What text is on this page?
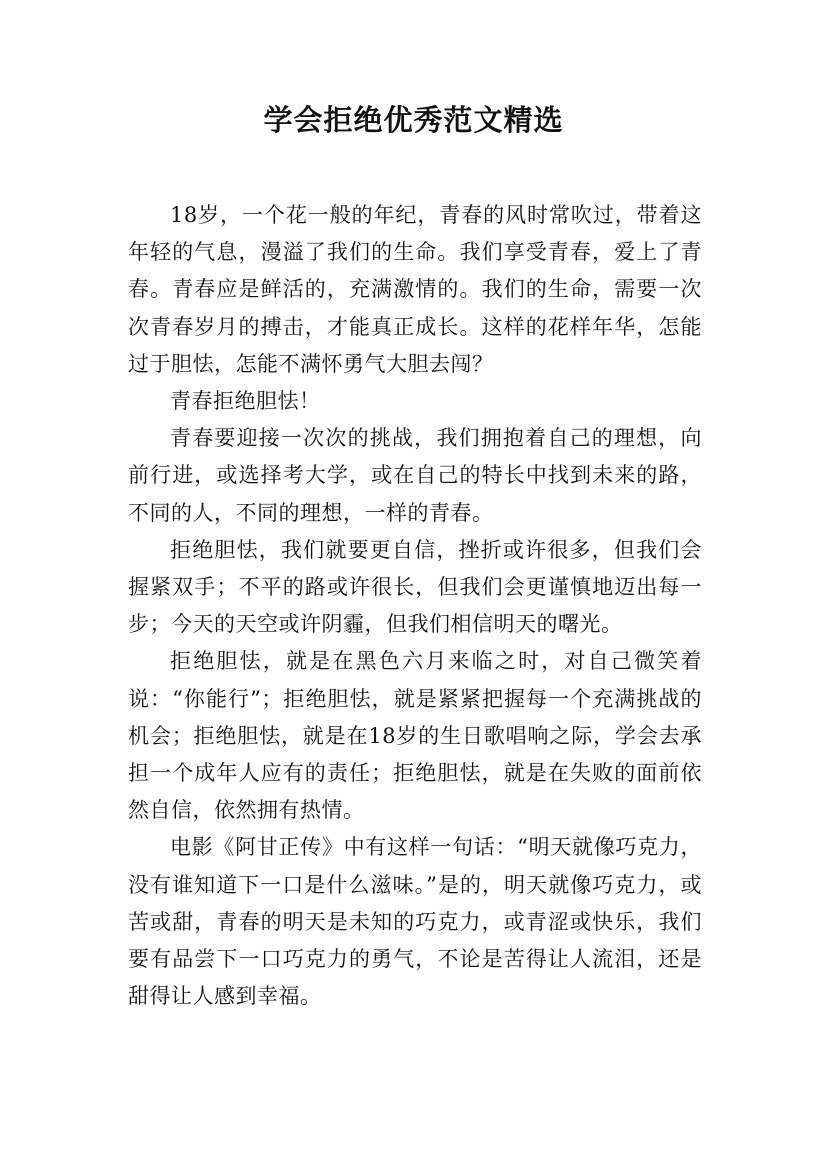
学会拒绝优秀范文精选

18岁，一个花一般的年纪，青春的风时常吹过，带着这年轻的气息，漫溢了我们的生命。我们享受青春，爱上了青春。青春应是鲜活的，充满激情的。我们的生命，需要一次次青春岁月的搏击，才能真正成长。这样的花样年华，怎能过于胆怯，怎能不满怀勇气大胆去闯？

青春拒绝胆怯！

青春要迎接一次次的挑战，我们拥抱着自己的理想，向前行进，或选择考大学，或在自己的特长中找到未来的路，不同的人，不同的理想，一样的青春。

拒绝胆怯，我们就要更自信，挫折或许很多，但我们会握紧双手；不平的路或许很长，但我们会更谨慎地迈出每一步；今天的天空或许阴霾，但我们相信明天的曙光。

拒绝胆怯，就是在黑色六月来临之时，对自己微笑着说：“你能行”；拒绝胆怯，就是紧紧把握每一个充满挑战的机会；拒绝胆怯，就是在18岁的生日歌唱响之际，学会去承担一个成年人应有的责任；拒绝胆怯，就是在失败的面前依然自信，依然拥有热情。

电影《阿甘正传》中有这样一句话：“明天就像巧克力，没有谁知道下一口是什么滋味。”是的，明天就像巧克力，或苦或甜，青春的明天是未知的巧克力，或青涩或快乐，我们要有品尝下一口巧克力的勇气，不论是苦得让人流泪，还是甜得让人感到幸福。
